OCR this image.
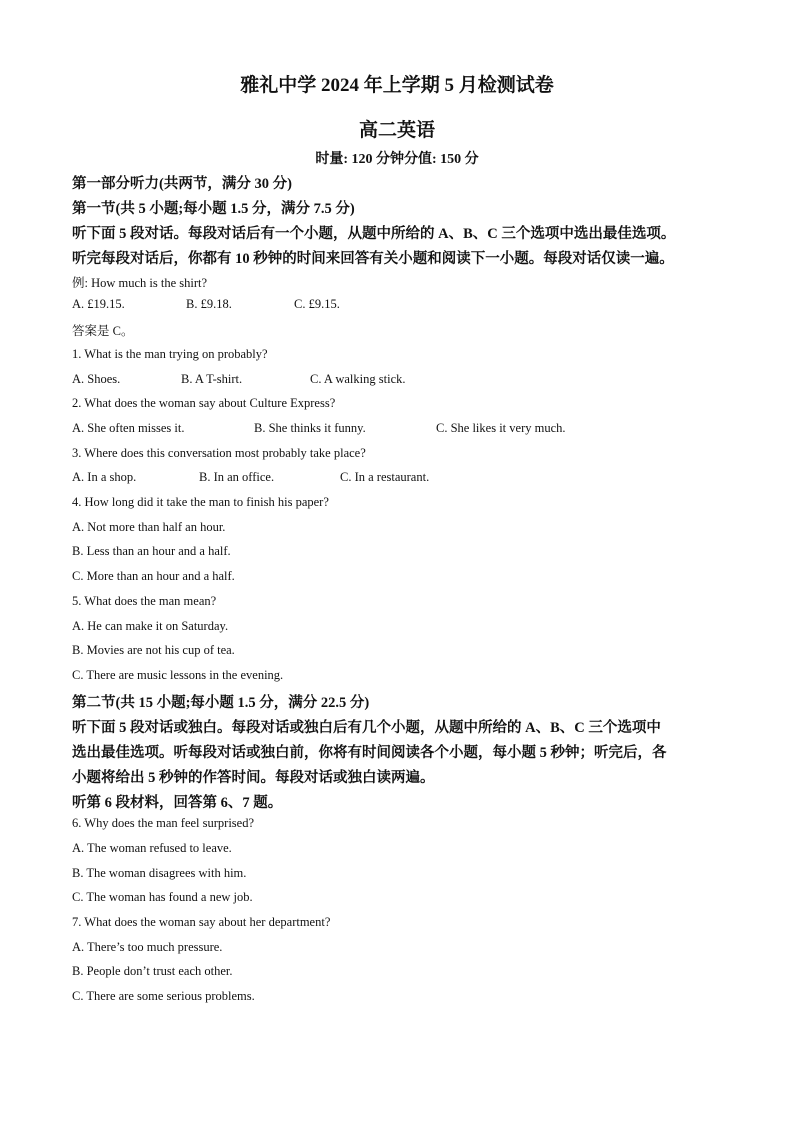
雅礼中学 2024 年上学期 5 月检测试卷
高二英语
时量: 120 分钟分值: 150 分
第一部分听力(共两节，满分 30 分)
第一节(共 5 小题;每小题 1.5 分，满分 7.5 分)
听下面 5 段对话。每段对话后有一个小题，从题中所给的 A、B、C 三个选项中选出最佳选项。
听完每段对话后，你都有 10 秒钟的时间来回答有关小题和阅读下一小题。每段对话仅读一遍。
例: How much is the shirt?
A. £19.15.	B. £9.18.	C. £9.15.
答案是 C。
1. What is the man trying on probably?
A. Shoes.	B. A T-shirt.	C. A walking stick.
2. What does the woman say about Culture Express?
A. She often misses it.	B. She thinks it funny.	C. She likes it very much.
3. Where does this conversation most probably take place?
A. In a shop.	B. In an office.	C. In a restaurant.
4. How long did it take the man to finish his paper?
A. Not more than half an hour.
B. Less than an hour and a half.
C. More than an hour and a half.
5. What does the man mean?
A. He can make it on Saturday.
B. Movies are not his cup of tea.
C. There are music lessons in the evening.
第二节(共 15 小题;每小题 1.5 分，满分 22.5 分)
听下面 5 段对话或独白。每段对话或独白后有几个小题，从题中所给的 A、B、C 三个选项中
选出最佳选项。听每段对话或独白前，你将有时间阅读各个小题，每小题 5 秒钟；听完后，各
小题将给出 5 秒钟的作答时间。每段对话或独白读两遍。
听第 6 段材料，回答第 6、7 题。
6. Why does the man feel surprised?
A. The woman refused to leave.
B. The woman disagrees with him.
C. The woman has found a new job.
7. What does the woman say about her department?
A. There’s too much pressure.
B. People don’t trust each other.
C. There are some serious problems.
